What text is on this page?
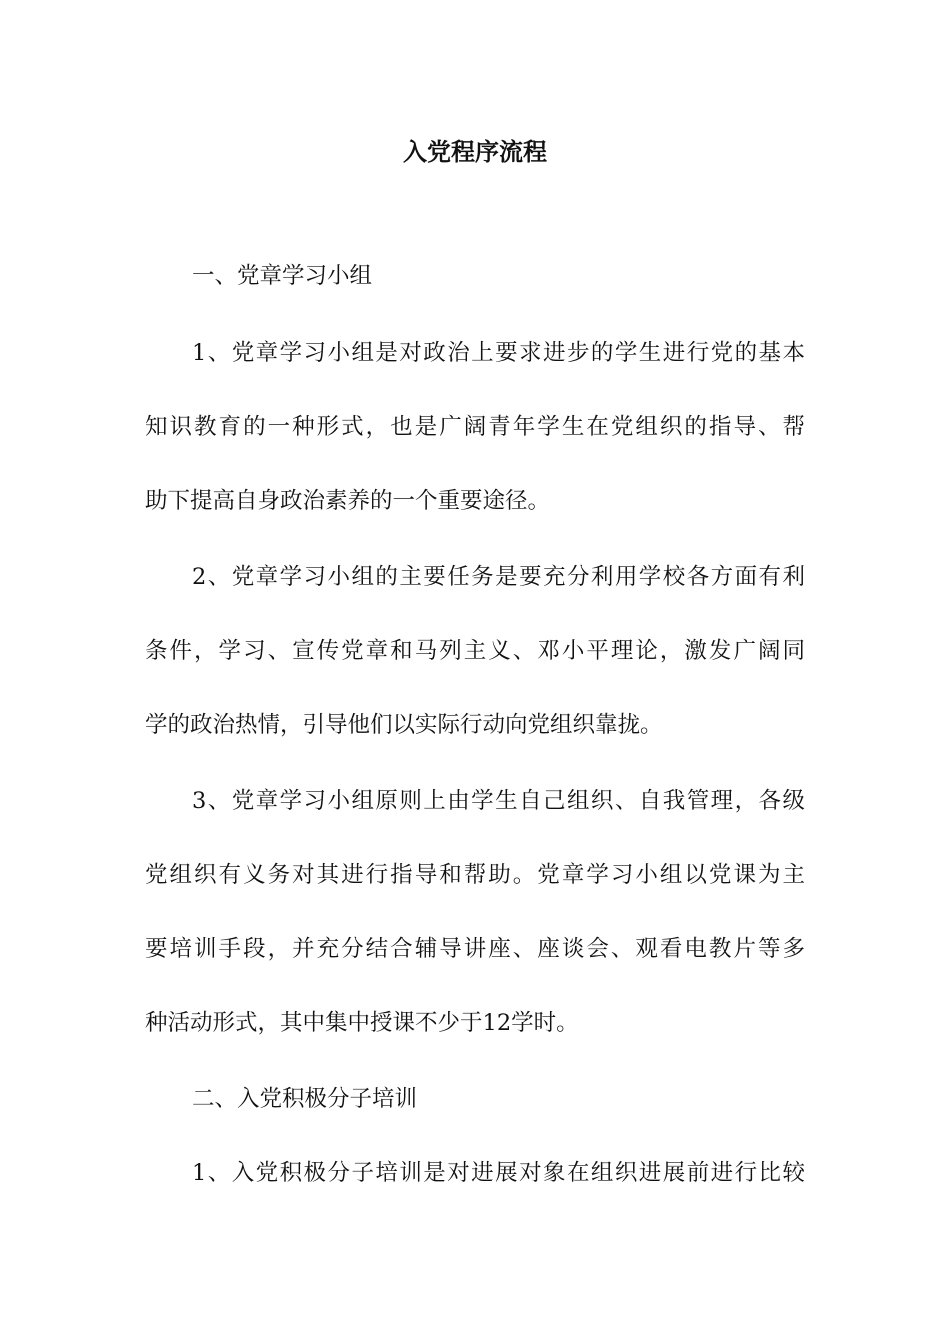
入党程序流程
一、党章学习小组
1、党章学习小组是对政治上要求进步的学生进行党的基本
知识教育的一种形式，也是广阔青年学生在党组织的指导、帮
助下提高自身政治素养的一个重要途径。
2、党章学习小组的主要任务是要充分利用学校各方面有利
条件，学习、宣传党章和马列主义、邓小平理论，激发广阔同
学的政治热情，引导他们以实际行动向党组织靠拢。
3、党章学习小组原则上由学生自己组织、自我管理，各级
党组织有义务对其进行指导和帮助。党章学习小组以党课为主
要培训手段，并充分结合辅导讲座、座谈会、观看电教片等多
种活动形式，其中集中授课不少于12学时。
二、入党积极分子培训
1、入党积极分子培训是对进展对象在组织进展前进行比较
